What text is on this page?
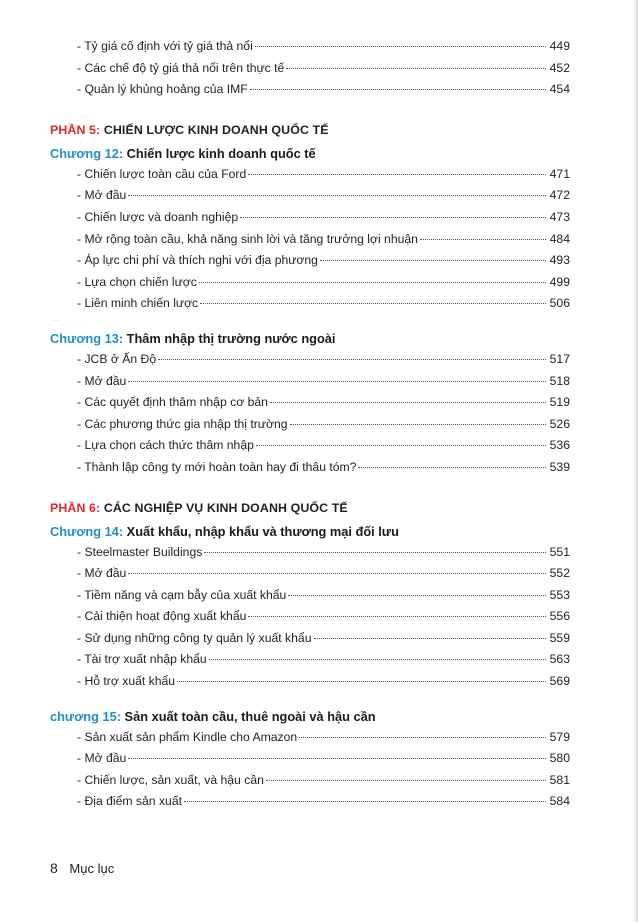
- Tỷ giá cố định với tỷ giá thả nổi	449
- Các chế độ tỷ giá thả nổi trên thực tế	452
- Quản lý khủng hoảng của IMF	454
PHẦN 5: CHIẾN LƯỢC KINH DOANH QUỐC TẾ
Chương 12: Chiến lược kinh doanh quốc tế
- Chiến lược toàn cầu của Ford	471
- Mở đầu	472
- Chiến lược và doanh nghiệp	473
- Mở rộng toàn cầu, khả năng sinh lời và tăng trưởng lợi nhuận	484
- Áp lực chi phí và thích nghi với địa phương	493
- Lựa chọn chiến lược	499
- Liên minh chiến lược	506
Chương 13: Thâm nhập thị trường nước ngoài
- JCB ở Ấn Độ	517
- Mở đầu	518
- Các quyết định thâm nhập cơ bản	519
- Các phương thức gia nhập thị trường	526
- Lựa chọn cách thức thâm nhập	536
- Thành lập công ty mới hoàn toàn hay đi thâu tóm?	539
PHẦN 6: CÁC NGHIỆP VỤ KINH DOANH QUỐC TẾ
Chương 14: Xuất khẩu, nhập khẩu và thương mại đối lưu
- Steelmaster Buildings	551
- Mở đầu	552
- Tiềm năng và cạm bẫy của xuất khẩu	553
- Cải thiện hoạt động xuất khẩu	556
- Sử dụng những công ty quản lý xuất khẩu	559
- Tài trợ xuất nhập khẩu	563
- Hỗ trợ xuất khẩu	569
chương 15: Sản xuất toàn cầu, thuê ngoài và hậu cần
- Sản xuất sản phẩm Kindle cho Amazon	579
- Mở đầu	580
- Chiến lược, sản xuất, và hậu cần	581
- Địa điểm sản xuất	584
8 Mục lục
